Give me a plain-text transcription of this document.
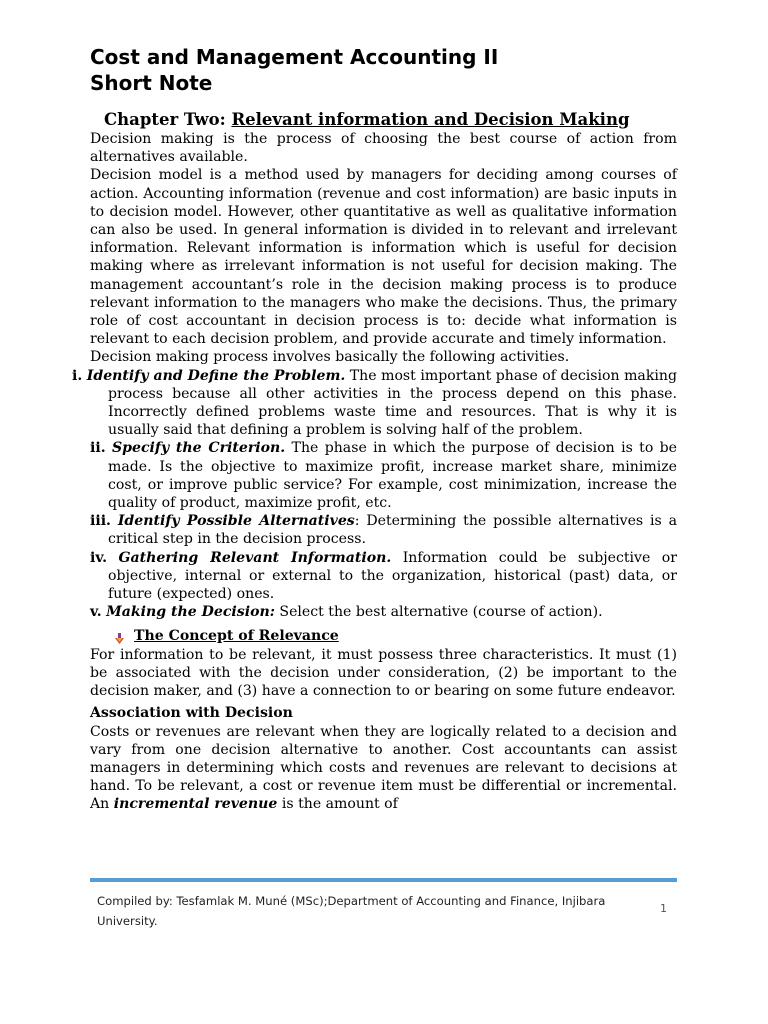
Cost and Management Accounting II
Short Note
Chapter Two: Relevant information and Decision Making

Decision making is the process of choosing the best course of action from alternatives available.

Decision model is a method used by managers for deciding among courses of action. Accounting information (revenue and cost information) are basic inputs in to decision model. However, other quantitative as well as qualitative information can also be used. In general information is divided in to relevant and irrelevant information. Relevant information is information which is useful for decision making where as irrelevant information is not useful for decision making. The management accountant’s role in the decision making process is to produce relevant information to the managers who make the decisions. Thus, the primary role of cost accountant in decision process is to: decide what information is relevant to each decision problem, and provide accurate and timely information.

Decision making process involves basically the following activities.

i. Identify and Define the Problem. The most important phase of decision making process because all other activities in the process depend on this phase. Incorrectly defined problems waste time and resources. That is why it is usually said that defining a problem is solving half of the problem.
ii. Specify the Criterion. The phase in which the purpose of decision is to be made. Is the objective to maximize profit, increase market share, minimize cost, or improve public service? For example, cost minimization, increase the quality of product, maximize profit, etc.
iii. Identify Possible Alternatives: Determining the possible alternatives is a critical step in the decision process.
iv. Gathering Relevant Information. Information could be subjective or objective, internal or external to the organization, historical (past) data, or future (expected) ones.
v. Making the Decision: Select the best alternative (course of action).
The Concept of Relevance

For information to be relevant, it must possess three characteristics. It must (1) be associated with the decision under consideration, (2) be important to the decision maker, and (3) have a connection to or bearing on some future endeavor.

Association with Decision

Costs or revenues are relevant when they are logically related to a decision and vary from one decision alternative to another. Cost accountants can assist managers in determining which costs and revenues are relevant to decisions at hand. To be relevant, a cost or revenue item must be differential or incremental. An incremental revenue is the amount of

Compiled by: Tesfamlak M. Muné (MSc);Department of Accounting and Finance, Injibara University.
1
